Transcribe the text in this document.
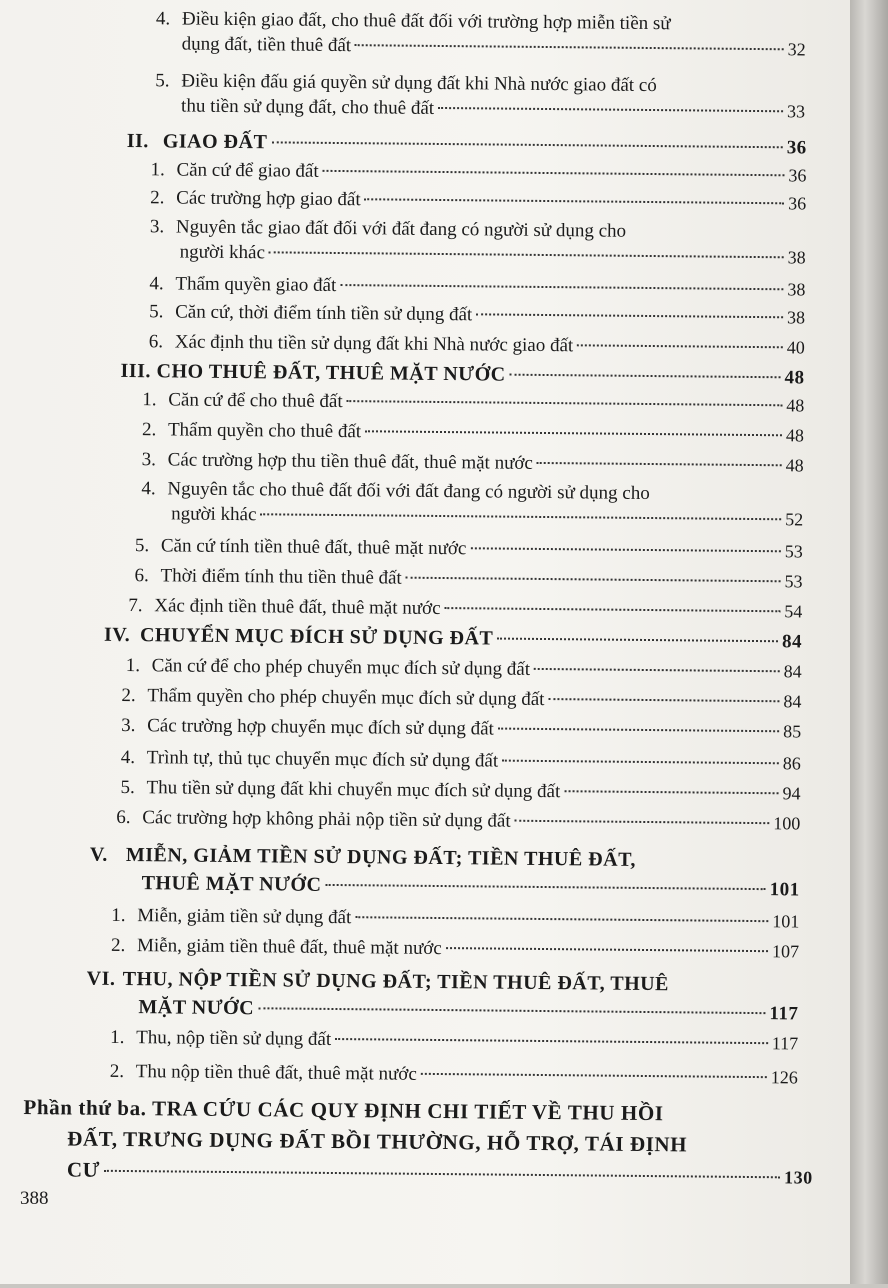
4. Điều kiện giao đất, cho thuê đất đối với trường hợp miễn tiền sử
dụng đất, tiền thuê đất	32
5. Điều kiện đấu giá quyền sử dụng đất khi Nhà nước giao đất có
thu tiền sử dụng đất, cho thuê đất	33
II. GIAO ĐẤT	36
1. Căn cứ để giao đất	36
2. Các trường hợp giao đất	36
3. Nguyên tắc giao đất đối với đất đang có người sử dụng cho
người khác	38
4. Thẩm quyền giao đất	38
5. Căn cứ, thời điểm tính tiền sử dụng đất	38
6. Xác định thu tiền sử dụng đất khi Nhà nước giao đất	40
III. CHO THUÊ ĐẤT, THUÊ MẶT NƯỚC	48
1. Căn cứ để cho thuê đất	48
2. Thẩm quyền cho thuê đất	48
3. Các trường hợp thu tiền thuê đất, thuê mặt nước	48
4. Nguyên tắc cho thuê đất đối với đất đang có người sử dụng cho
người khác	52
5. Căn cứ tính tiền thuê đất, thuê mặt nước	53
6. Thời điểm tính thu tiền thuê đất	53
7. Xác định tiền thuê đất, thuê mặt nước	54
IV. CHUYỂN MỤC ĐÍCH SỬ DỤNG ĐẤT	84
1. Căn cứ để cho phép chuyển mục đích sử dụng đất	84
2. Thẩm quyền cho phép chuyển mục đích sử dụng đất	84
3. Các trường hợp chuyển mục đích sử dụng đất	85
4. Trình tự, thủ tục chuyển mục đích sử dụng đất	86
5. Thu tiền sử dụng đất khi chuyển mục đích sử dụng đất	94
6. Các trường hợp không phải nộp tiền sử dụng đất	100
V. MIỄN, GIẢM TIỀN SỬ DỤNG ĐẤT; TIỀN THUÊ ĐẤT,
THUÊ MẶT NƯỚC	101
1. Miễn, giảm tiền sử dụng đất	101
2. Miễn, giảm tiền thuê đất, thuê mặt nước	107
VI. THU, NỘP TIỀN SỬ DỤNG ĐẤT; TIỀN THUÊ ĐẤT, THUÊ
MẶT NƯỚC	117
1. Thu, nộp tiền sử dụng đất	117
2. Thu nộp tiền thuê đất, thuê mặt nước	126
Phần thứ ba. TRA CỨU CÁC QUY ĐỊNH CHI TIẾT VỀ THU HỒI
ĐẤT, TRƯNG DỤNG ĐẤT BỒI THƯỜNG, HỖ TRỢ, TÁI ĐỊNH
CƯ	130
388
